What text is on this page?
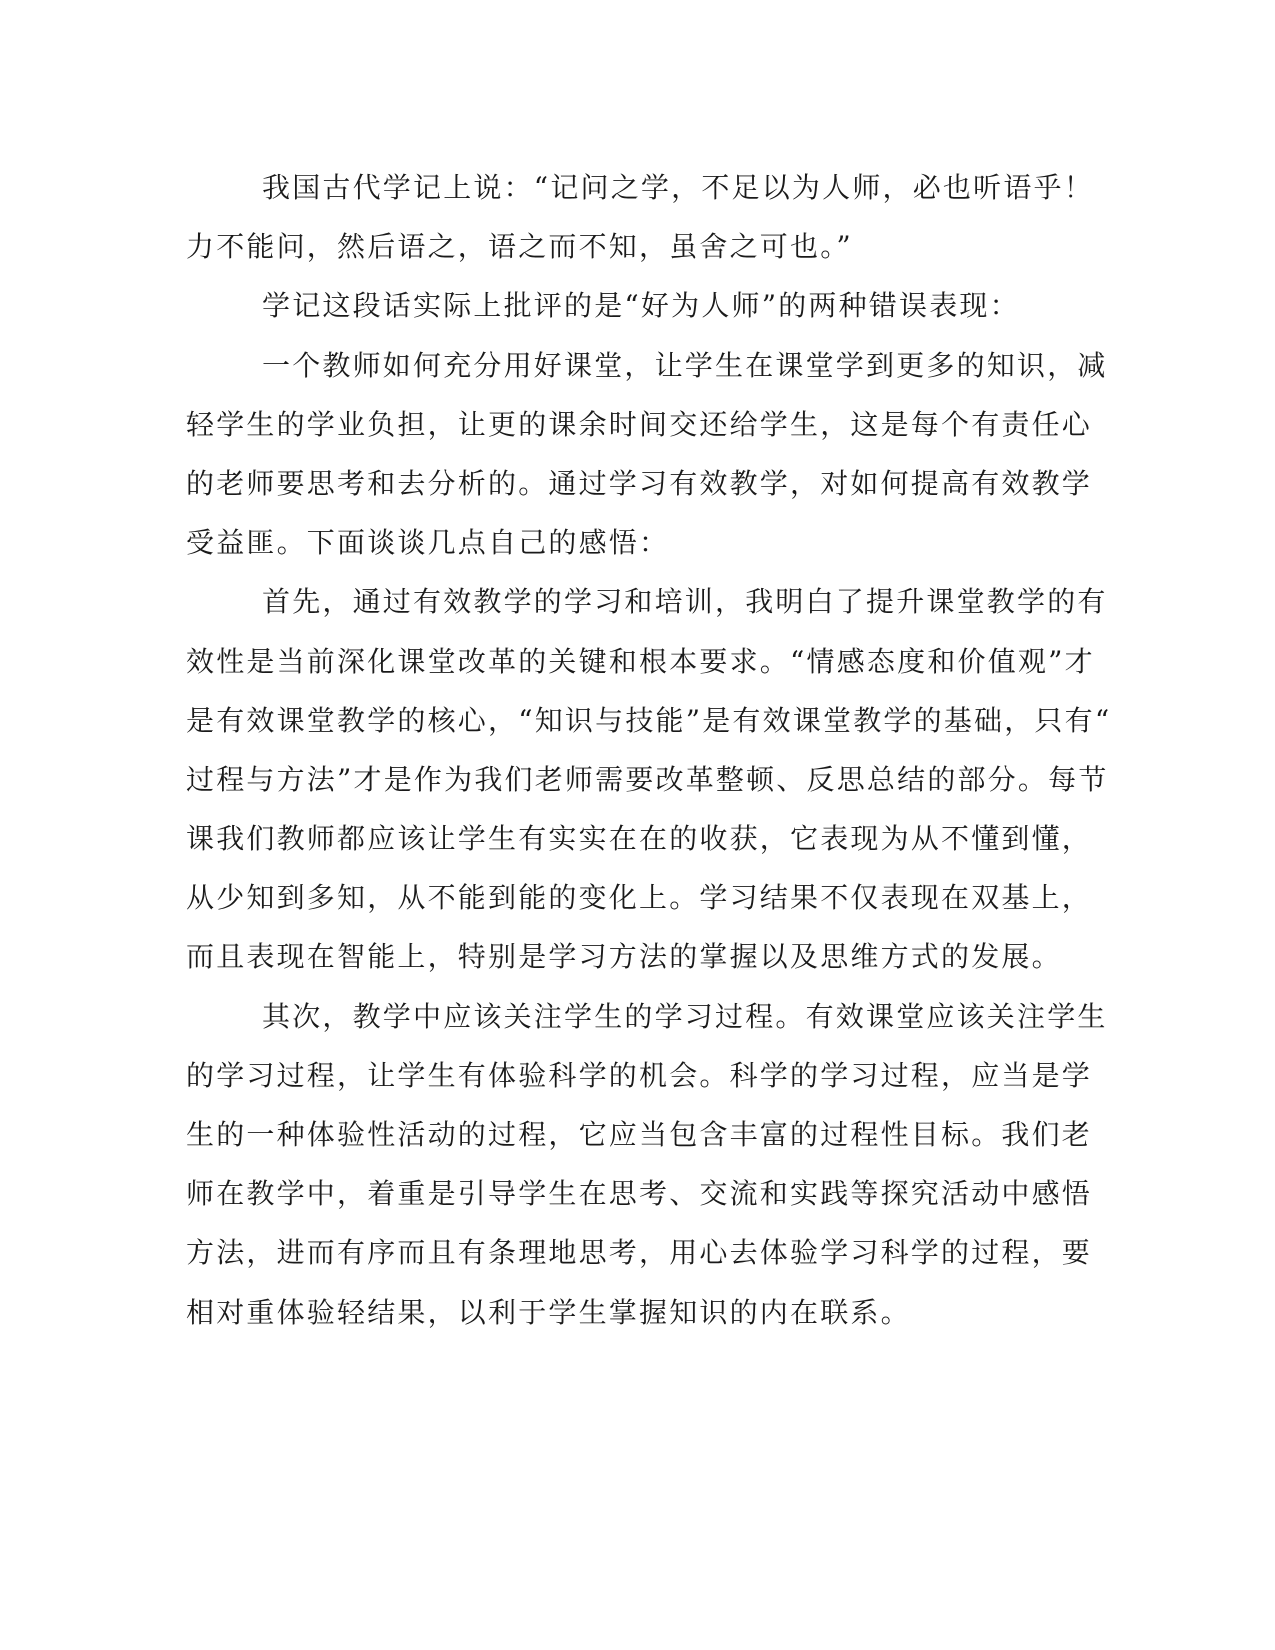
我国古代学记上说：“记问之学，不足以为人师，必也听语乎！
力不能问，然后语之，语之而不知，虽舍之可也。”
学记这段话实际上批评的是“好为人师”的两种错误表现：
一个教师如何充分用好课堂，让学生在课堂学到更多的知识，减
轻学生的学业负担，让更的课余时间交还给学生，这是每个有责任心
的老师要思考和去分析的。通过学习有效教学，对如何提高有效教学
受益匪。下面谈谈几点自己的感悟：
首先，通过有效教学的学习和培训，我明白了提升课堂教学的有
效性是当前深化课堂改革的关键和根本要求。“情感态度和价值观”才
是有效课堂教学的核心，“知识与技能”是有效课堂教学的基础，只有“
过程与方法”才是作为我们老师需要改革整顿、反思总结的部分。每节
课我们教师都应该让学生有实实在在的收获，它表现为从不懂到懂，
从少知到多知，从不能到能的变化上。学习结果不仅表现在双基上，
而且表现在智能上，特别是学习方法的掌握以及思维方式的发展。
其次，教学中应该关注学生的学习过程。有效课堂应该关注学生
的学习过程，让学生有体验科学的机会。科学的学习过程，应当是学
生的一种体验性活动的过程，它应当包含丰富的过程性目标。我们老
师在教学中，着重是引导学生在思考、交流和实践等探究活动中感悟
方法，进而有序而且有条理地思考，用心去体验学习科学的过程，要
相对重体验轻结果，以利于学生掌握知识的内在联系。
